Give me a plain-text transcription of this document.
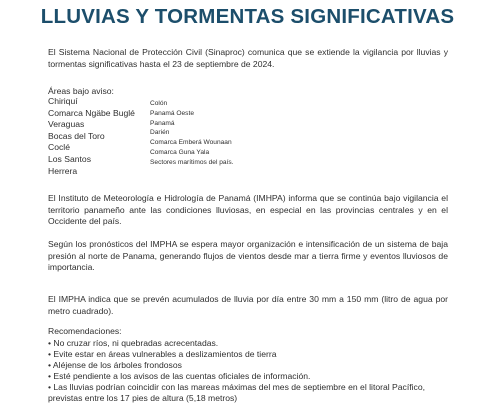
LLUVIAS Y TORMENTAS SIGNIFICATIVAS

El Sistema Nacional de Protección Civil (Sinaproc) comunica que se extiende la vigilancia por lluvias y tormentas significativas hasta el 23 de septiembre de 2024.

Áreas bajo aviso:
Chiriquí
Comarca Ngäbe Buglé
Veraguas
Bocas del Toro
Coclé
Los Santos
Herrera
Colón
Panamá Oeste
Panamá
Darién
Comarca Emberá Wounaan
Comarca Guna Yala
Sectores marítimos del país.

El Instituto de Meteorología e Hidrología de Panamá (IMHPA) informa que se continúa bajo vigilancia el territorio panameño ante las condiciones lluviosas, en especial en las provincias centrales y en el Occidente del país.

Según los pronósticos del IMPHA se espera mayor organización e intensificación de un sistema de baja presión al norte de Panama, generando flujos de vientos desde mar a tierra firme y eventos lluviosos de importancia.

El IMPHA indica que se prevén acumulados de lluvia por día entre 30 mm a 150 mm (litro de agua por metro cuadrado).

Recomendaciones:
• No cruzar ríos, ni quebradas acrecentadas.
• Evite estar en áreas vulnerables a deslizamientos de tierra
• Aléjense de los árboles frondosos
• Esté pendiente a los avisos de las cuentas oficiales de información.
• Las lluvias podrían coincidir con las mareas máximas del mes de septiembre en el litoral Pacífico,
previstas entre los 17 pies de altura (5,18 metros)
